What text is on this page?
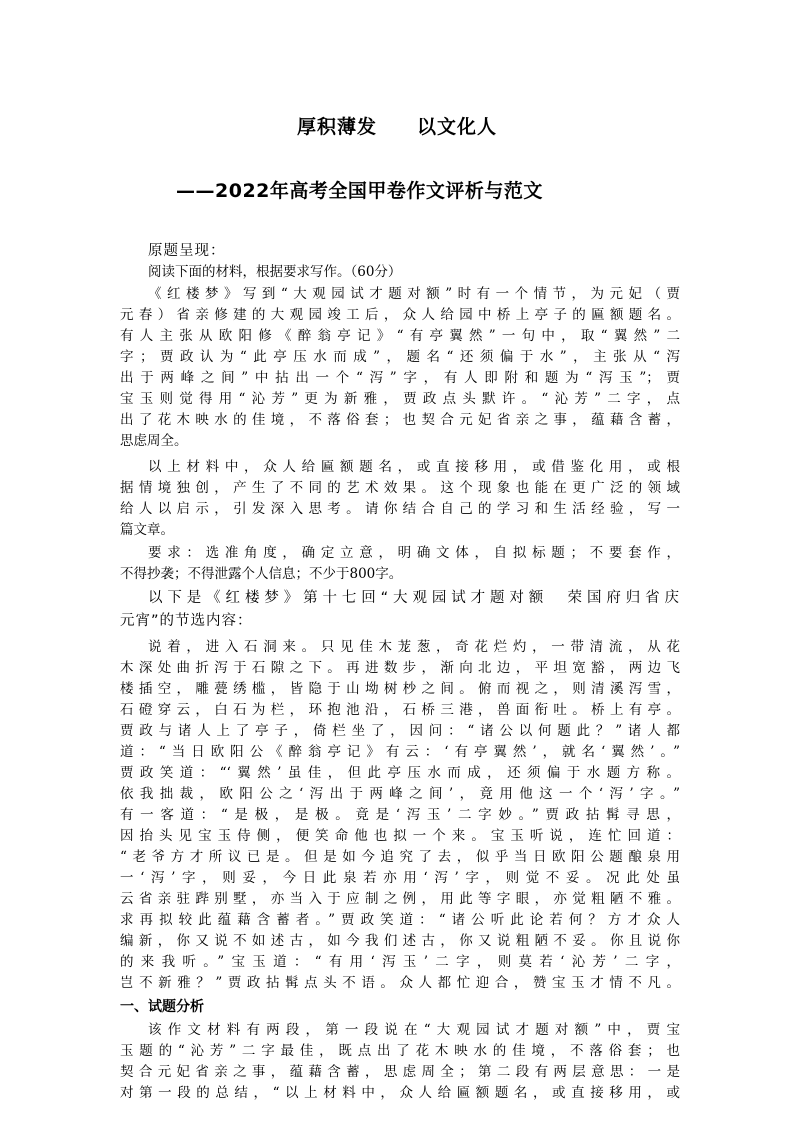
厚积薄发　　以文化人
——2022年高考全国甲卷作文评析与范文
原题呈现：
阅读下面的材料，根据要求写作。（60分）
《红楼梦》写到“大观园试才题对额”时有一个情节，为元妃（贾
元春）省亲修建的大观园竣工后，众人给园中桥上亭子的匾额题名。
有人主张从欧阳修《醉翁亭记》“有亭翼然”一句中，取“翼然”二
字；贾政认为“此亭压水而成”，题名“还须偏于水”，主张从“泻
出于两峰之间”中拈出一个“泻”字，有人即附和题为“泻玉”；贾
宝玉则觉得用“沁芳”更为新雅，贾政点头默许。“沁芳”二字，点
出了花木映水的佳境，不落俗套；也契合元妃省亲之事，蕴藉含蓄，
思虑周全。
以上材料中，众人给匾额题名，或直接移用，或借鉴化用，或根
据情境独创，产生了不同的艺术效果。这个现象也能在更广泛的领域
给人以启示，引发深入思考。请你结合自己的学习和生活经验，写一
篇文章。
要求：选准角度，确定立意，明确文体，自拟标题；不要套作，
不得抄袭；不得泄露个人信息；不少于800字。
以下是《红楼梦》第十七回“大观园试才题对额　荣国府归省庆
元宵”的节选内容：
说着，进入石洞来。只见佳木茏葱，奇花烂灼，一带清流，从花
木深处曲折泻于石隙之下。再进数步，渐向北边，平坦宽豁，两边飞
楼插空，雕甍绣槛，皆隐于山坳树杪之间。俯而视之，则清溪泻雪，
石磴穿云，白石为栏，环抱池沿，石桥三港，兽面衔吐。桥上有亭。
贾政与诸人上了亭子，倚栏坐了，因问：“诸公以何题此？”诸人都
道：“当日欧阳公《醉翁亭记》有云：‘有亭翼然’，就名‘翼然’。”
贾政笑道：“‘翼然’虽佳，但此亭压水而成，还须偏于水题方称。
依我拙裁，欧阳公之‘泻出于两峰之间’，竟用他这一个‘泻’字。”
有一客道：“是极，是极。竟是‘泻玉’二字妙。”贾政拈髯寻思，
因抬头见宝玉侍侧，便笑命他也拟一个来。宝玉听说，连忙回道：
“老爷方才所议已是。但是如今追究了去，似乎当日欧阳公题酿泉用
一‘泻’字，则妥，今日此泉若亦用‘泻’字，则觉不妥。况此处虽
云省亲驻跸别墅，亦当入于应制之例，用此等字眼，亦觉粗陋不雅。
求再拟较此蕴藉含蓄者。”贾政笑道：“诸公听此论若何？方才众人
编新，你又说不如述古，如今我们述古，你又说粗陋不妥。你且说你
的来我听。”宝玉道：“有用‘泻玉’二字，则莫若‘沁芳’二字，
岂不新雅？”贾政拈髯点头不语。众人都忙迎合，赞宝玉才情不凡。
一、试题分析
该作文材料有两段，第一段说在“大观园试才题对额”中，贾宝
玉题的“沁芳”二字最佳，既点出了花木映水的佳境，不落俗套；也
契合元妃省亲之事，蕴藉含蓄，思虑周全；第二段有两层意思：一是
对第一段的总结，“以上材料中，众人给匾额题名，或直接移用，或
